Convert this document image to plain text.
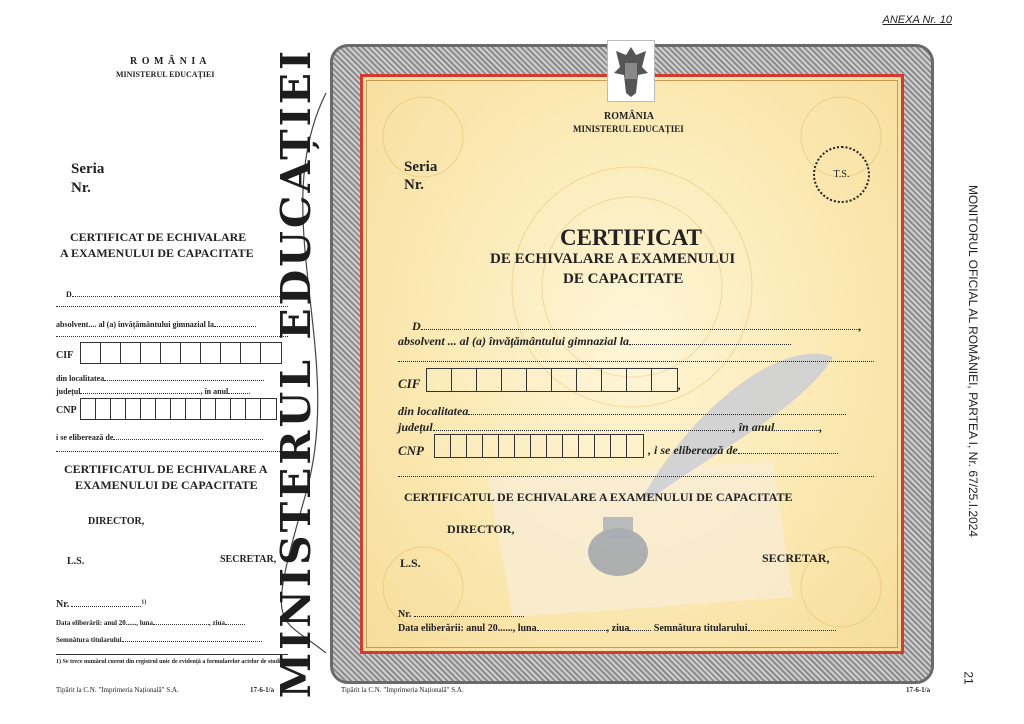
ANEXA Nr. 10
R O M Â N I A
MINISTERUL EDUCAȚIEI
Seria
Nr.
CERTIFICAT DE ECHIVALARE
A EXAMENULUI DE CAPACITATE
D
absolvent.... al (a) învățământului gimnazial la
CIF
din localitatea
județul	, în anul
CNP
i se eliberează de
CERTIFICATUL DE ECHIVALARE A
EXAMENULUI DE CAPACITATE
DIRECTOR,
L.S.	SECRETAR,
Nr.	$^{1)}$
Data eliberării: anul 20......, luna	, ziua
Semnătura titularului
1) Se trece numărul curent din registrul unic de evidență a formularelor actelor de studii.
Tipărit la C.N. "Imprimeria Națională" S.A.	17-6-1/a
MINISTERUL EDUCAȚIEI	ROMÂNIA
MINISTERUL EDUCAȚIEI
Seria
Nr.
T.S.
CERTIFICAT
DE ECHIVALARE A EXAMENULUI
DE CAPACITATE
D	,
absolvent ... al (a) învățământului gimnazial la
CIF	,
din localitatea
județul	, în anul	,
CNP	, i se eliberează de
CERTIFICATUL DE ECHIVALARE A EXAMENULUI DE CAPACITATE
DIRECTOR,
L.S.	SECRETAR,
Nr.
Data eliberării: anul 20......, luna	, ziua Semnătura titularului
Tipărit la C.N. "Imprimeria Națională" S.A.	17-6-1/a
MONITORUL OFICIAL AL ROMÂNIEI, PARTEA I, Nr. 67/25.I.2024
21
